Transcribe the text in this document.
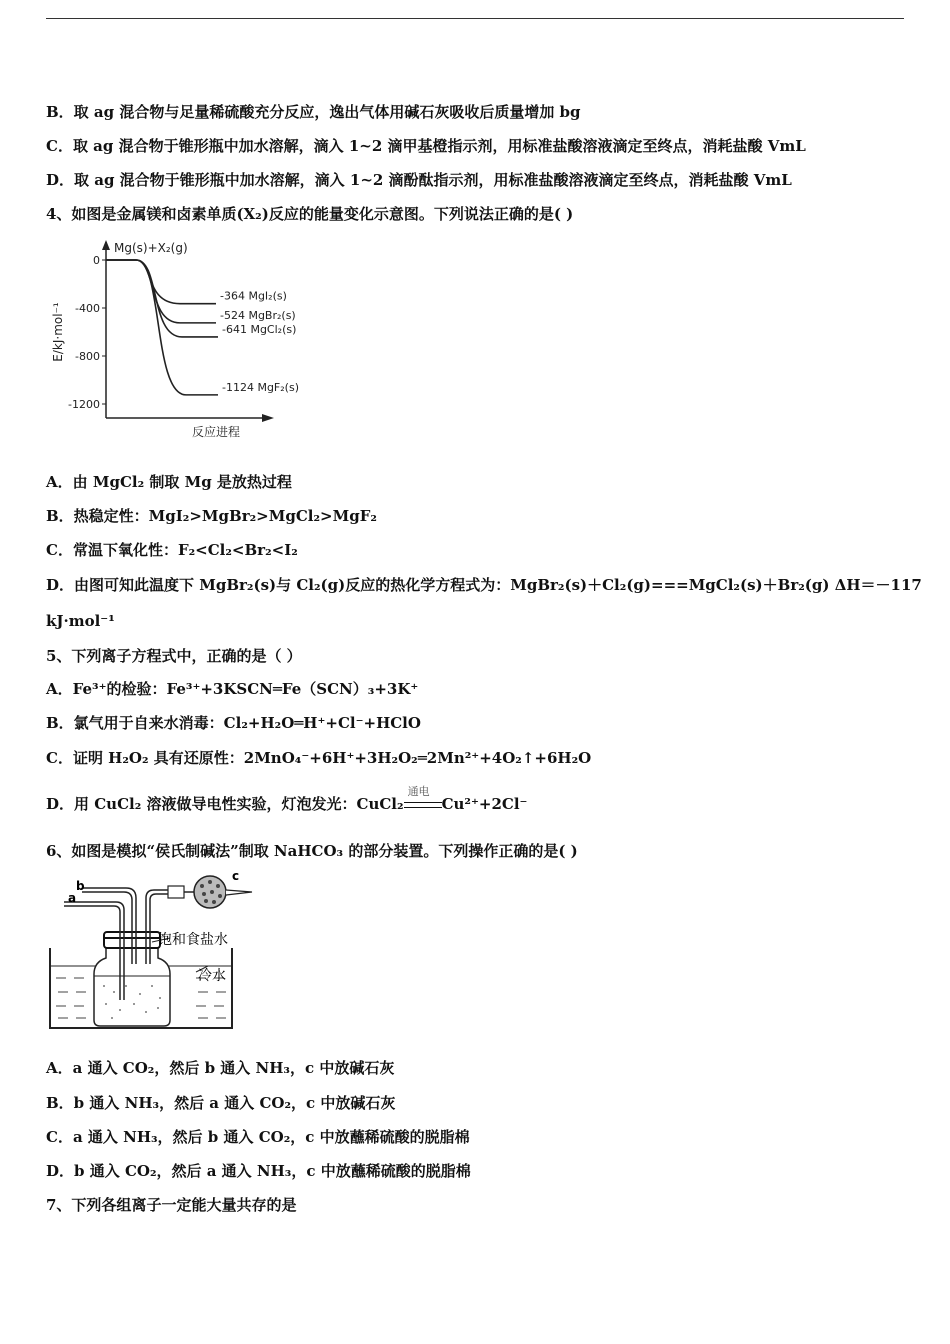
B．取 ag 混合物与足量稀硫酸充分反应，逸出气体用碱石灰吸收后质量增加 bg
C．取 ag 混合物于锥形瓶中加水溶解，滴入 1~2 滴甲基橙指示剂，用标准盐酸溶液滴定至终点，消耗盐酸 VmL
D．取 ag 混合物于锥形瓶中加水溶解，滴入 1~2 滴酚酞指示剂，用标准盐酸溶液滴定至终点，消耗盐酸 VmL
4、如图是金属镁和卤素单质(X₂)反应的能量变化示意图。下列说法正确的是( )
0
-400
-800
-1200
E/kJ·mol⁻¹
反应进程
Mg(s)+X₂(g)
-364 MgI₂(s)
-524 MgBr₂(s)
-641 MgCl₂(s)
-1124 MgF₂(s)
A．由 MgCl₂ 制取 Mg 是放热过程
B．热稳定性：MgI₂>MgBr₂>MgCl₂>MgF₂
C．常温下氧化性：F₂<Cl₂<Br₂<I₂
D．由图可知此温度下 MgBr₂(s)与 Cl₂(g)反应的热化学方程式为：MgBr₂(s)＋Cl₂(g)===MgCl₂(s)＋Br₂(g) ΔH＝－117
kJ·mol⁻¹
5、下列离子方程式中，正确的是（ ）
A．Fe³⁺的检验：Fe³⁺+3KSCN═Fe（SCN）₃+3K⁺
B．氯气用于自来水消毒：Cl₂+H₂O═H⁺+Cl⁻+HClO
C．证明 H₂O₂ 具有还原性：2MnO₄⁻+6H⁺+3H₂O₂═2Mn²⁺+4O₂↑+6H₂O
D．用 CuCl₂ 溶液做导电性实验，灯泡发光：CuCl₂
通电
Cu²⁺+2Cl⁻
6、如图是模拟“侯氏制碱法”制取 NaHCO₃ 的部分装置。下列操作正确的是( )
b
a
c
饱和食盐水
冷水
A．a 通入 CO₂，然后 b 通入 NH₃，c 中放碱石灰
B．b 通入 NH₃，然后 a 通入 CO₂，c 中放碱石灰
C．a 通入 NH₃，然后 b 通入 CO₂，c 中放蘸稀硫酸的脱脂棉
D．b 通入 CO₂，然后 a 通入 NH₃，c 中放蘸稀硫酸的脱脂棉
7、下列各组离子一定能大量共存的是
